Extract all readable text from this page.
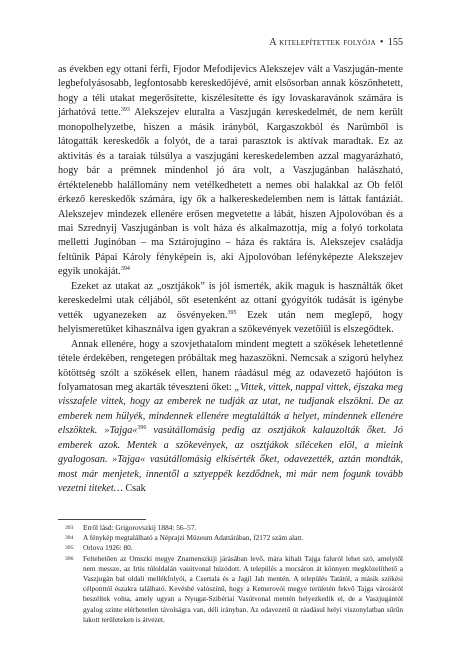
A kitelepítettek folyója • 155

as években egy ottani férfi, Fjodor Mefodijevics Alekszejev vált a Vaszjugán-mente legbefolyásosabb, legfontosabb kereskedőjévé, amit elsősorban annak köszönhetett, hogy a téli utakat megerősítette, kiszélesítette és így lovaskaravánok számára is járhatóvá tette.$^{393}$ Alekszejev eluralta a Vaszjugán kereskedelmét, de nem került monopolhelyzetbe, hiszen a másik irányból, Kargaszokból és Narümből is látogatták kereskedők a folyót, de a tarai parasztok is aktívak maradtak. Ez az aktivitás és a taraiak túlsúlya a vaszjugáni kereskedelemben azzal magyarázható, hogy bár a prémnek mindenhol jó ára volt, a Vaszjugánban halászható, értéktelenebb halállomány nem vetélkedhetett a nemes obi halakkal az Ob felől érkező kereskedők számára, így ők a halkereskedelemben nem is láttak fantáziát. Alekszejev mindezek ellenére erősen megvetette a lábát, hiszen Ajpolovóban és a mai Szrednyij Vaszjugánban is volt háza és alkalmazottja, míg a folyó torkolata melletti Juginóban – ma Sztárojugino – háza és raktára is. Alekszejev családja feltűnik Pápai Károly fényképein is, aki Ajpolovóban lefényképezte Alekszejev egyik unokáját.$^{394}$

Ezeket az utakat az „osztjákok” is jól ismerték, akik maguk is használták őket kereskedelmi utak céljából, sőt esetenként az ottani gyógyítók tudását is igénybe vették ugyanezeken az ösvényeken.$^{395}$ Ezek után nem meglepő, hogy helyismeretüket kihasználva igen gyakran a szökevények vezetőiül is elszegődtek.

Annak ellenére, hogy a szovjethatalom mindent megtett a szökések lehetetlenné tétele érdekében, rengetegen próbáltak meg hazaszökni. Nemcsak a szigorú helyhez kötöttség szólt a szökések ellen, hanem ráadásul még az odavezető hajóúton is folyamatosan meg akarták téveszteni őket: „Vittek, vittek, nappal vittek, éjszaka meg visszafele vittek, hogy az emberek ne tudják az utat, ne tudjanak elszökni. De az emberek nem hülyék, mindennek ellenére megtalálták a helyet, mindennek ellenére elszöktek. »Tajga«$^{396}$ vasútállomásig pedig az osztjákok kalauzolták őket. Jó emberek azok. Mentek a szökevények, az osztjákok síléceken elöl, a mieink gyalogosan. »Tajga« vasútállomásig elkísérték őket, odavezették, aztán mondták, most már menjetek, innentől a sztyeppék kezdődnek, mi már nem fogunk tovább vezetni titeket… Csak

393 Erről lásd: Grigorovszkij 1884: 56–57.
394 A fénykép megtalálható a Néprajzi Múzeum Adattárában, f2172 szám alatt.
395 Orlova 1926: 80.
396 Feltehetően az Omszki megye Znamenszkiji járásában levő, mára kihalt Tajga faluról lehet szó, amelytől nem messze, az Irtis túloldalán vasútvonal húzódott. A település a mocsáron át könnyen megközelíthető a Vaszjugán bal oldali mellékfolyói, a Csertala és a Jagil Jah mentén. A település Tatától, a másik szökési célponttól északra található. Kevésbé valószínű, hogy a Kemerovói megye területén fekvő Tajga városáról beszéltek volna, amely ugyan a Nyugat-Szibériai Vasútvonal mentén helyezkedik el, de a Vaszjugántól gyalog szinte elérhetetlen távolságra van, déli irányban. Az odavezető út ráadásul helyi viszonylatban sűrűn lakott területeken is átvezet.
